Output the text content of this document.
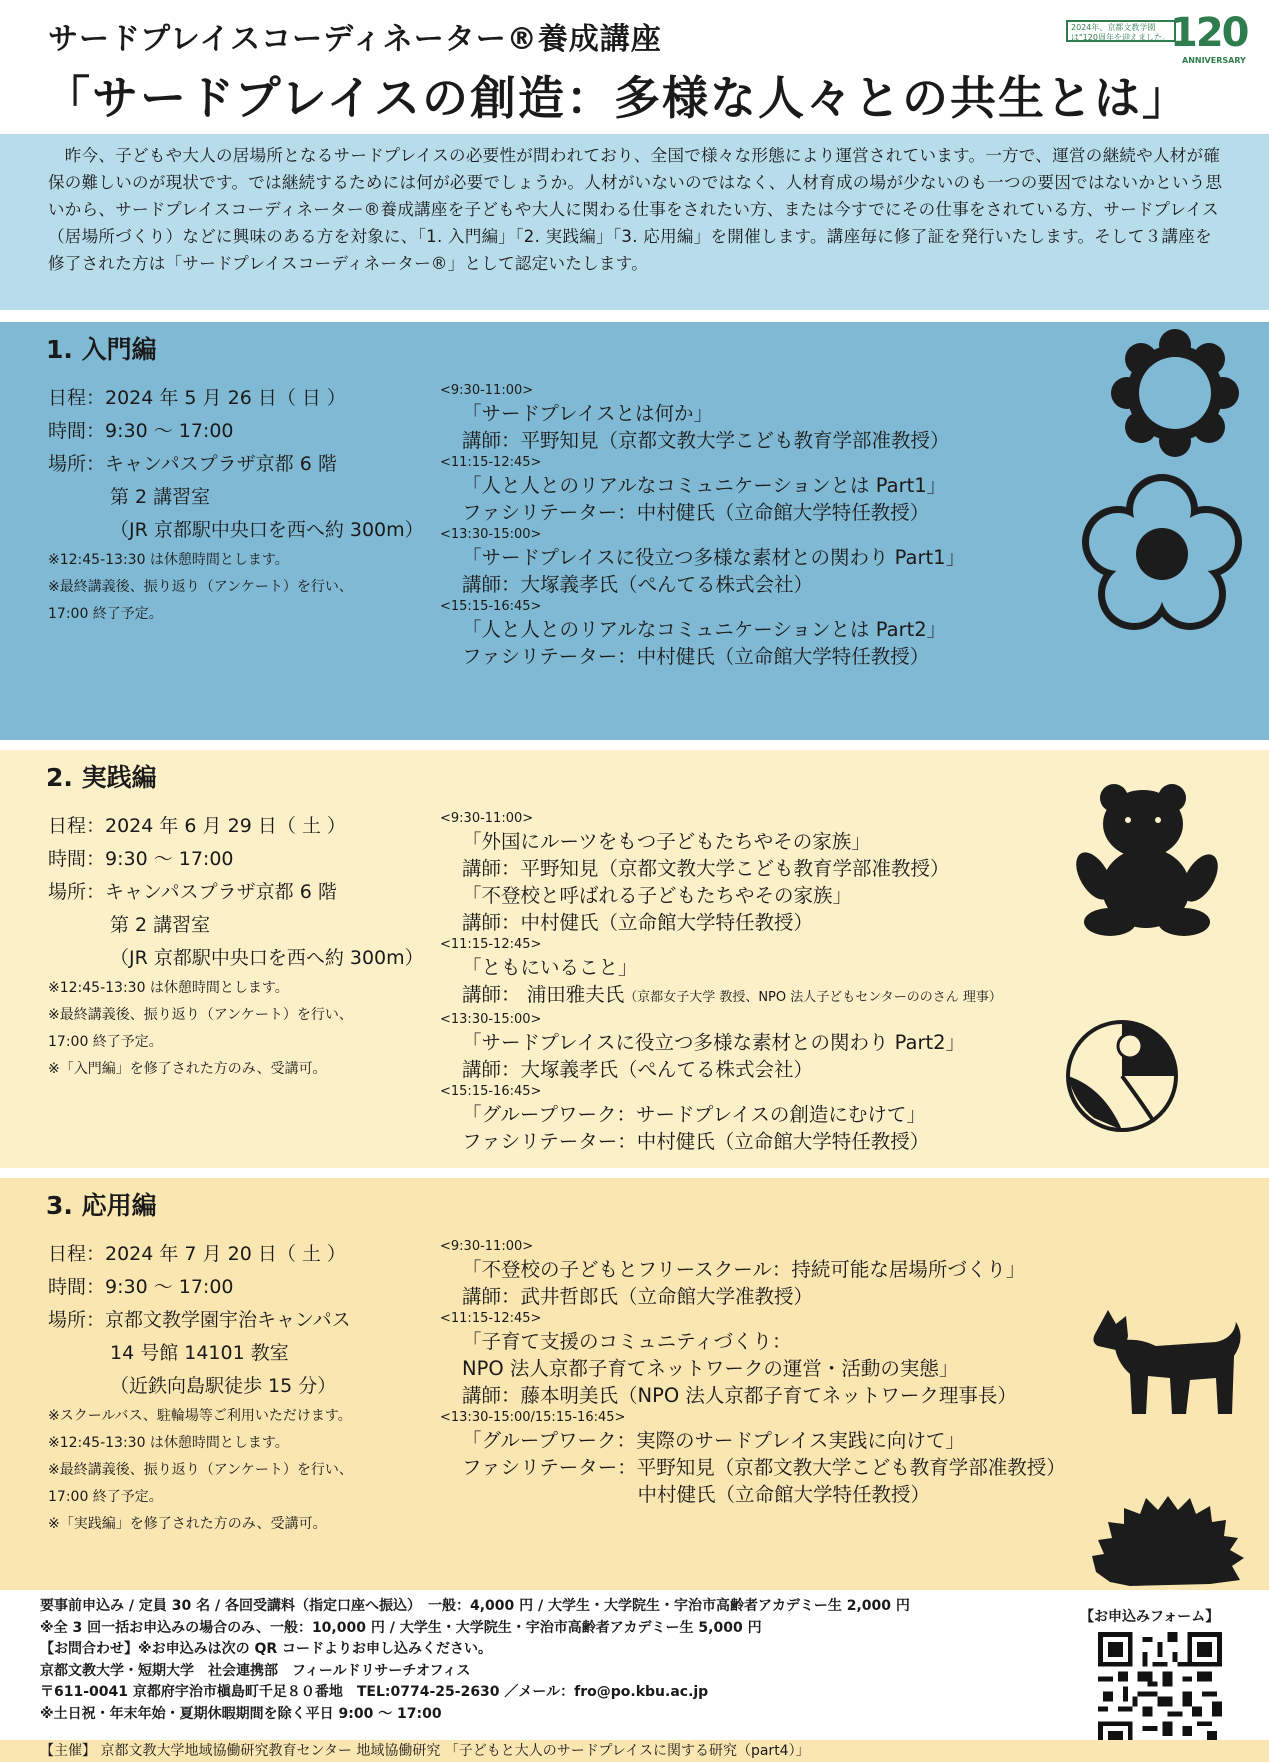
サードプレイスコーディネーター®養成講座
「サードプレイスの創造：多様な人々との共生とは」
2024年、京都文教学園は"120周年を迎えました。 120
ANNIVERSARY
　昨今、子どもや大人の居場所となるサードプレイスの必要性が問われており、全国で様々な形態により運営されています。一方で、運営の継続や人材が確保の難しいのが現状です。では継続するためには何が必要でしょうか。人材がいないのではなく、人材育成の場が少ないのも一つの要因ではないかという思いから、サードプレイスコーディネーター®養成講座を子どもや大人に関わる仕事をされたい方、または今すでにその仕事をされている方、サードプレイス（居場所づくり）などに興味のある方を対象に、「1. 入門編」「2. 実践編」「3. 応用編」を開催します。講座毎に修了証を発行いたします。そして３講座を修了された方は「サードプレイスコーディネーター®」として認定いたします。
1. 入門編
日程：2024 年 5 月 26 日（ 日 ）
時間：9:30 ～ 17:00
場所：キャンパスプラザ京都 6 階
第 2 講習室
（JR 京都駅中央口を西へ約 300m）
※12:45-13:30 は休憩時間とします。
※最終講義後、振り返り（アンケート）を行い、
17:00 終了予定。
<9:30-11:00>
「サードプレイスとは何か」
講師：平野知見（京都文教大学こども教育学部准教授）
<11:15-12:45>
「人と人とのリアルなコミュニケーションとは Part1」
ファシリテーター：中村健氏（立命館大学特任教授）
<13:30-15:00>
「サードプレイスに役立つ多様な素材との関わり Part1」
講師：大塚義孝氏（ぺんてる株式会社）
<15:15-16:45>
「人と人とのリアルなコミュニケーションとは Part2」
ファシリテーター：中村健氏（立命館大学特任教授）
2. 実践編
日程：2024 年 6 月 29 日（ 土 ）
時間：9:30 ～ 17:00
場所：キャンパスプラザ京都 6 階
第 2 講習室
（JR 京都駅中央口を西へ約 300m）
※12:45-13:30 は休憩時間とします。
※最終講義後、振り返り（アンケート）を行い、
17:00 終了予定。
※「入門編」を修了された方のみ、受講可。
<9:30-11:00>
「外国にルーツをもつ子どもたちやその家族」
講師：平野知見（京都文教大学こども教育学部准教授）
「不登校と呼ばれる子どもたちやその家族」
講師：中村健氏（立命館大学特任教授）
<11:15-12:45>
「ともにいること」
講師： 浦田雅夫氏（京都女子大学 教授、NPO 法人子どもセンターののさん 理事）
<13:30-15:00>
「サードプレイスに役立つ多様な素材との関わり Part2」
講師：大塚義孝氏（ぺんてる株式会社）
<15:15-16:45>
「グループワーク：サードプレイスの創造にむけて」
ファシリテーター：中村健氏（立命館大学特任教授）
3. 応用編
日程：2024 年 7 月 20 日（ 土 ）
時間：9:30 ～ 17:00
場所：京都文教学園宇治キャンパス
14 号館 14101 教室
（近鉄向島駅徒歩 15 分）
※スクールバス、駐輪場等ご利用いただけます。
※12:45-13:30 は休憩時間とします。
※最終講義後、振り返り（アンケート）を行い、
17:00 終了予定。
※「実践編」を修了された方のみ、受講可。
<9:30-11:00>
「不登校の子どもとフリースクール：持続可能な居場所づくり」
講師：武井哲郎氏（立命館大学准教授）
<11:15-12:45>
「子育て支援のコミュニティづくり：
NPO 法人京都子育てネットワークの運営・活動の実態」
講師：藤本明美氏（NPO 法人京都子育てネットワーク理事長）
<13:30-15:00/15:15-16:45>
「グループワーク：実際のサードプレイス実践に向けて」
ファシリテーター：平野知見（京都文教大学こども教育学部准教授）
　　　　　　　　　中村健氏（立命館大学特任教授）
要事前申込み / 定員 30 名 / 各回受講料（指定口座へ振込）　一般：4,000 円 / 大学生・大学院生・宇治市高齢者アカデミー生 2,000 円
※全 3 回一括お申込みの場合のみ、一般：10,000 円 / 大学生・大学院生・宇治市高齢者アカデミー生 5,000 円
【お問合わせ】※お申込みは次の QR コードよりお申し込みください。
京都文教大学・短期大学　社会連携部　フィールドリサーチオフィス
〒611-0041 京都府宇治市槇島町千足８０番地　TEL:0774-25-2630 ／メール：fro@po.kbu.ac.jp
※土日祝・年末年始・夏期休暇期間を除く平日 9:00 ～ 17:00
【お申込みフォーム】
【主催】 京都文教大学地域協働研究教育センター 地域協働研究 「子どもと大人のサードプレイスに関する研究（part4）」
